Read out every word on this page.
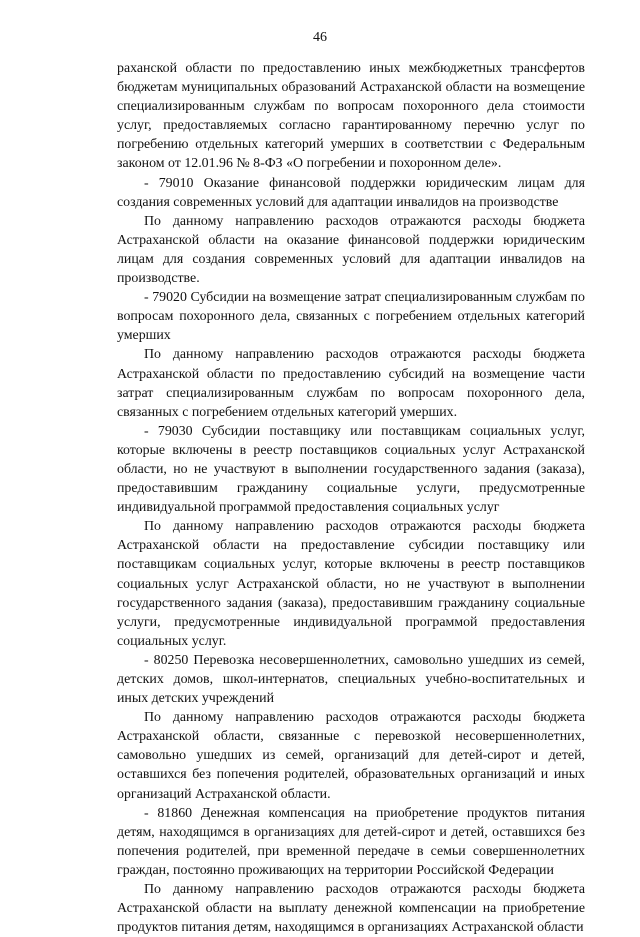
46

раханской области по предоставлению иных межбюджетных трансфертов бюджетам муниципальных образований Астраханской области на возмещение специализированным службам по вопросам похоронного дела стоимости услуг, предоставляемых согласно гарантированному перечню услуг по погребению отдельных категорий умерших в соответствии с Федеральным законом от 12.01.96 № 8-ФЗ «О погребении и похоронном деле».

- 79010 Оказание финансовой поддержки юридическим лицам для создания современных условий для адаптации инвалидов на производстве

По данному направлению расходов отражаются расходы бюджета Астраханской области на оказание финансовой поддержки юридическим лицам для создания современных условий для адаптации инвалидов на производстве.

- 79020 Субсидии на возмещение затрат специализированным службам по вопросам похоронного дела, связанных с погребением отдельных категорий умерших

По данному направлению расходов отражаются расходы бюджета Астраханской области по предоставлению субсидий на возмещение части затрат специализированным службам по вопросам похоронного дела, связанных с погребением отдельных категорий умерших.

- 79030 Субсидии поставщику или поставщикам социальных услуг, которые включены в реестр поставщиков социальных услуг Астраханской области, но не участвуют в выполнении государственного задания (заказа), предоставившим гражданину социальные услуги, предусмотренные индивидуальной программой предоставления социальных услуг

По данному направлению расходов отражаются расходы бюджета Астраханской области на предоставление субсидии поставщику или поставщикам социальных услуг, которые включены в реестр поставщиков социальных услуг Астраханской области, но не участвуют в выполнении государственного задания (заказа), предоставившим гражданину социальные услуги, предусмотренные индивидуальной программой предоставления социальных услуг.

- 80250 Перевозка несовершеннолетних, самовольно ушедших из семей, детских домов, школ-интернатов, специальных учебно-воспитательных и иных детских учреждений

По данному направлению расходов отражаются расходы бюджета Астраханской области, связанные с перевозкой несовершеннолетних, самовольно ушедших из семей, организаций для детей-сирот и детей, оставшихся без попечения родителей, образовательных организаций и иных организаций Астраханской области.

- 81860 Денежная компенсация на приобретение продуктов питания детям, находящимся в организациях для детей-сирот и детей, оставшихся без попечения родителей, при временной передаче в семьи совершеннолетних граждан, постоянно проживающих на территории Российской Федерации

По данному направлению расходов отражаются расходы бюджета Астраханской области на выплату денежной компенсации на приобретение продуктов питания детям, находящимся в организациях Астраханской области
